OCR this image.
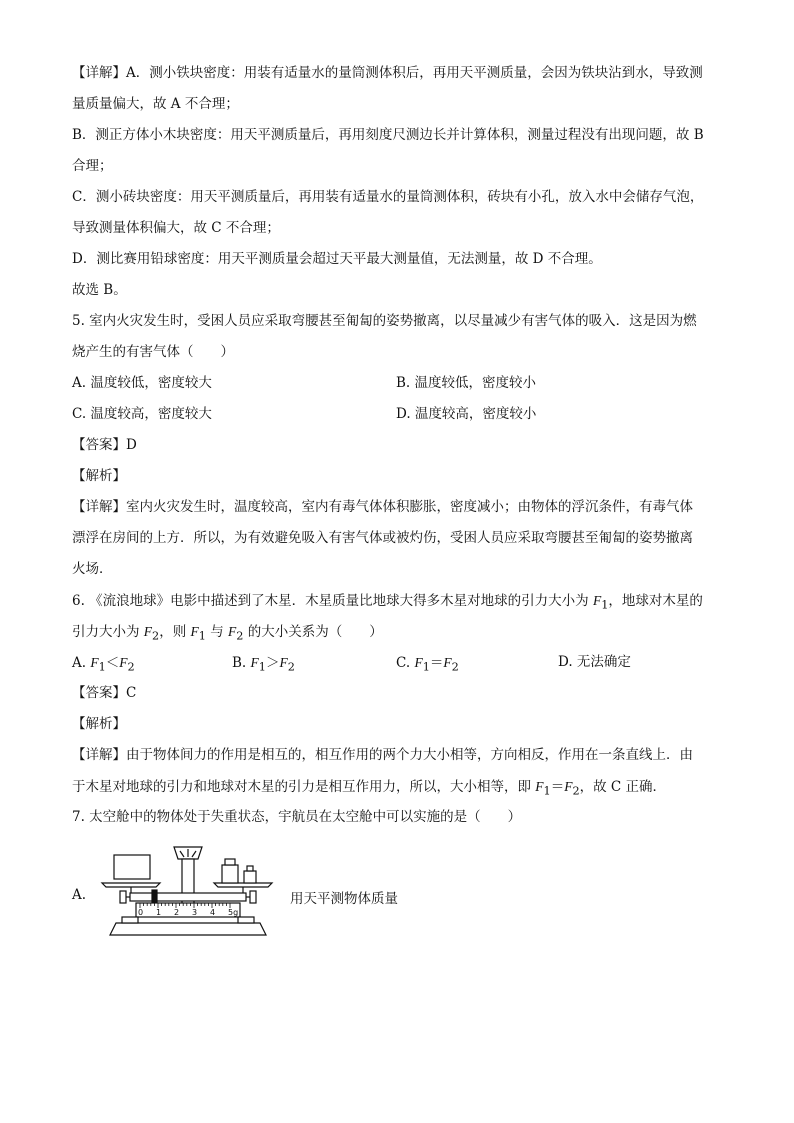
【详解】A．测小铁块密度：用装有适量水的量筒测体积后，再用天平测质量，会因为铁块沾到水，导致测
量质量偏大，故 A 不合理；
B．测正方体小木块密度：用天平测质量后，再用刻度尺测边长并计算体积，测量过程没有出现问题，故 B
合理；
C．测小砖块密度：用天平测质量后，再用装有适量水的量筒测体积，砖块有小孔，放入水中会储存气泡，
导致测量体积偏大，故 C 不合理；
D．测比赛用铅球密度：用天平测质量会超过天平最大测量值，无法测量，故 D 不合理。
故选 B。
5. 室内火灾发生时，受困人员应采取弯腰甚至匍匐的姿势撤离，以尽量减少有害气体的吸入．这是因为燃
烧产生的有害气体（　　）
A. 温度较低，密度较大	B. 温度较低，密度较小
C. 温度较高，密度较大	D. 温度较高，密度较小
【答案】D
【解析】
【详解】室内火灾发生时，温度较高，室内有毒气体体积膨胀，密度减小；由物体的浮沉条件，有毒气体
漂浮在房间的上方．所以，为有效避免吸入有害气体或被灼伤，受困人员应采取弯腰甚至匍匐的姿势撤离
火场．
6. 《流浪地球》电影中描述到了木星．木星质量比地球大得多木星对地球的引力大小为 $F_1$，地球对木星的
引力大小为 $F_2$，则 $F_1$ 与 $F_2$ 的大小关系为（　　）
A. $F_1<F_2$	B. $F_1>F_2$	C. $F_1=F_2$	D. 无法确定
【答案】C
【解析】
【详解】由于物体间力的作用是相互的，相互作用的两个力大小相等，方向相反，作用在一条直线上．由
于木星对地球的引力和地球对木星的引力是相互作用力，所以，大小相等，即 $F_1=F_2$，故 C 正确．
7. 太空舱中的物体处于失重状态，宇航员在太空舱中可以实施的是（　　）
A.
0 1 2 3 4 5g
用天平测物体质量
